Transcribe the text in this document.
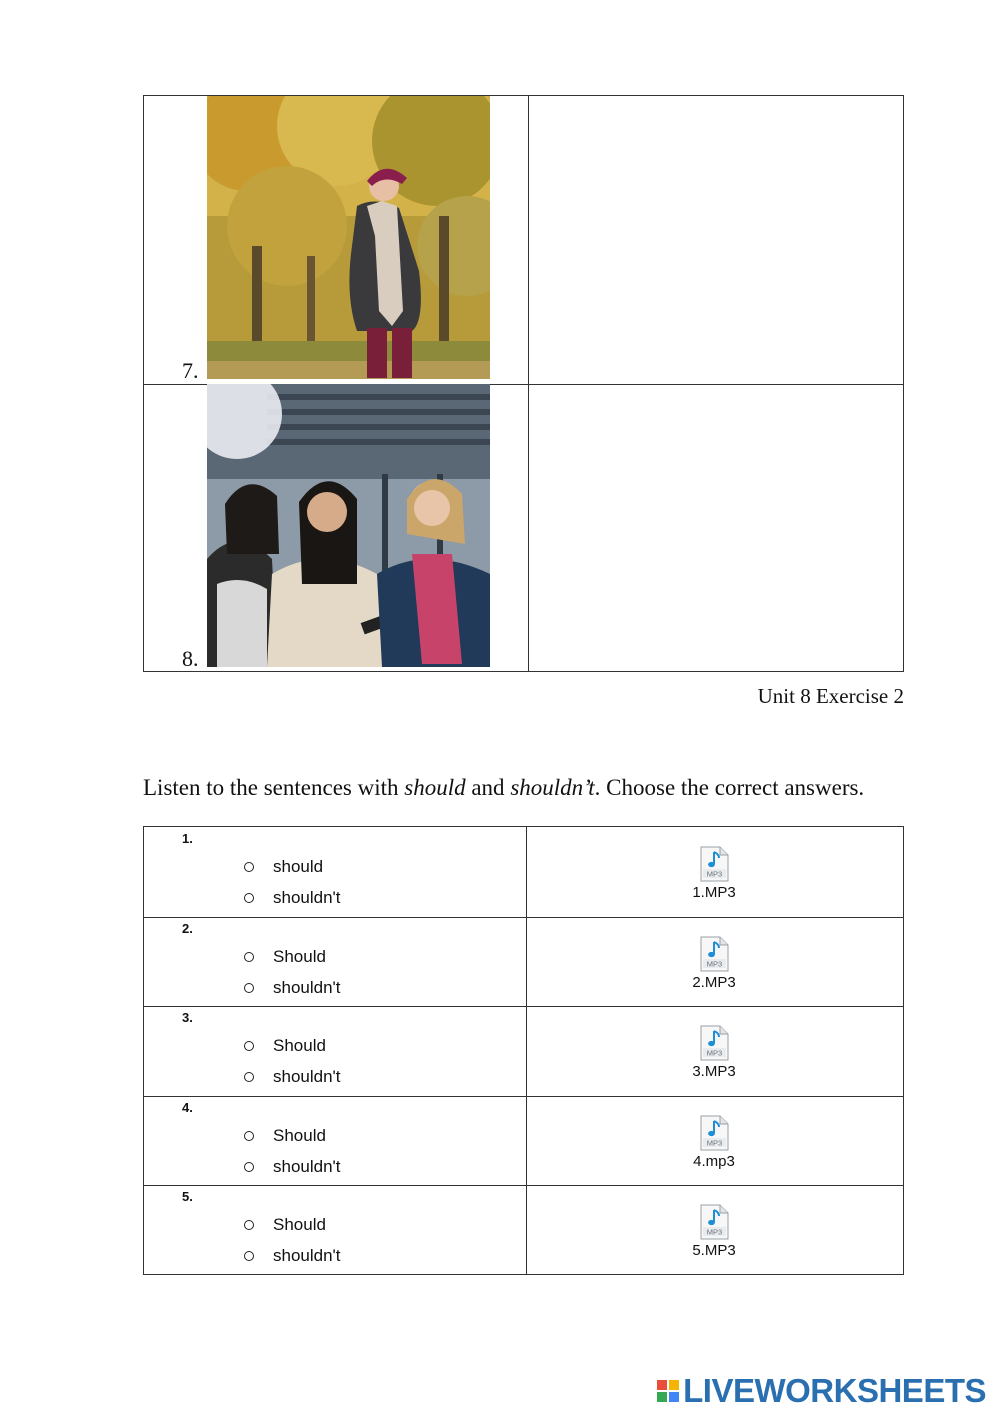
7.
8.
Unit 8 Exercise 2
Listen to the sentences with should and shouldn’t. Choose the correct answers.
1.
should
shouldn't
MP3
1.MP3
2.
Should
shouldn't
MP3
2.MP3
3.
Should
shouldn't
MP3
3.MP3
4.
Should
shouldn't
MP3
4.mp3
5.
Should
shouldn't
MP3
5.MP3
LIVEWORKSHEETS
